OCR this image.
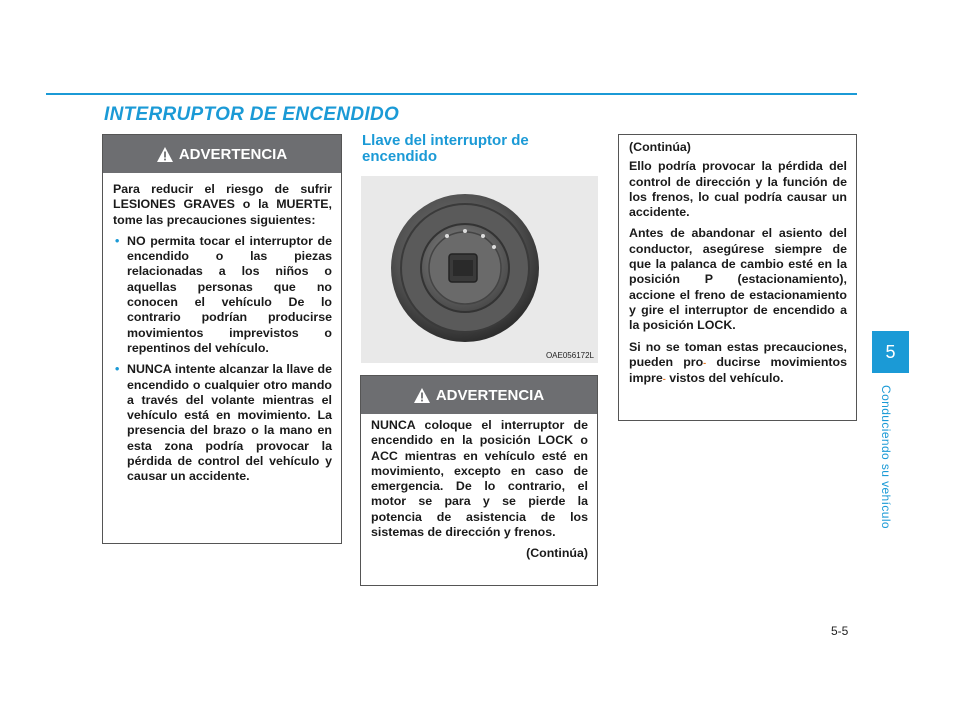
INTERRUPTOR DE ENCENDIDO
ADVERTENCIA

Para reducir el riesgo de sufrir LESIONES GRAVES o la MUERTE, tome las precauciones siguientes:

• NO permita tocar el interruptor de encendido o las piezas relacionadas a los niños o aquellas personas que no conocen el vehículo De lo contrario podrían producirse movimientos imprevistos o repentinos del vehículo.
• NUNCA intente alcanzar la llave de encendido o cualquier otro mando a través del volante mientras el vehículo está en movimiento. La presencia del brazo o la mano en esta zona podría provocar la pérdida de control del vehículo y causar un accidente.
Llave del interruptor de encendido
OAE056172L
ADVERTENCIA

NUNCA coloque el interruptor de encendido en la posición LOCK o ACC mientras en vehículo esté en movimiento, excepto en caso de emergencia. De lo contrario, el motor se para y se pierde la potencia de asistencia de los sistemas de dirección y frenos.

(Continúa)

(Continúa)

Ello podría provocar la pérdida del control de dirección y la función de los frenos, lo cual podría causar un accidente.

Antes de abandonar el asiento del conductor, asegúrese siempre de que la palanca de cambio esté en la posición P (estacionamiento), accione el freno de estacionamiento y gire el interruptor de encendido a la posición LOCK.

Si no se toman estas precauciones, pueden pro- ducirse movimientos impre- vistos del vehículo.

5
Conduciendo su vehículo
5-5
